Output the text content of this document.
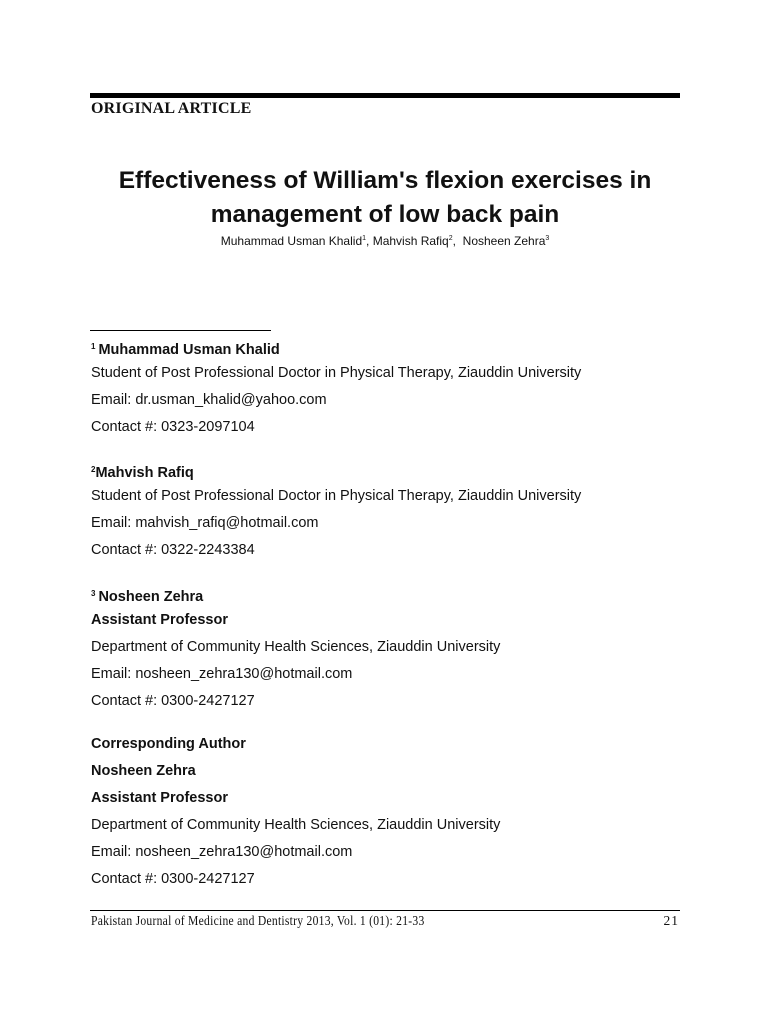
ORIGINAL ARTICLE
Effectiveness of William's flexion exercises in
management of low back pain
Muhammad Usman Khalid$^1$, Mahvish Rafiq$^2$,  Nosheen Zehra$^3$
$^1$ Muhammad Usman Khalid
Student of Post Professional Doctor in Physical Therapy, Ziauddin University
Email: dr.usman_khalid@yahoo.com
Contact #: 0323-2097104
$^2$Mahvish Rafiq
Student of Post Professional Doctor in Physical Therapy, Ziauddin University
Email: mahvish_rafiq@hotmail.com
Contact #: 0322-2243384
$^3$ Nosheen Zehra
Assistant Professor
Department of Community Health Sciences, Ziauddin University
Email: nosheen_zehra130@hotmail.com
Contact #: 0300-2427127
Corresponding Author
Nosheen Zehra
Assistant Professor
Department of Community Health Sciences, Ziauddin University
Email: nosheen_zehra130@hotmail.com
Contact #: 0300-2427127
Pakistan Journal of Medicine and Dentistry 2013, Vol. 1 (01): 21-33	21
